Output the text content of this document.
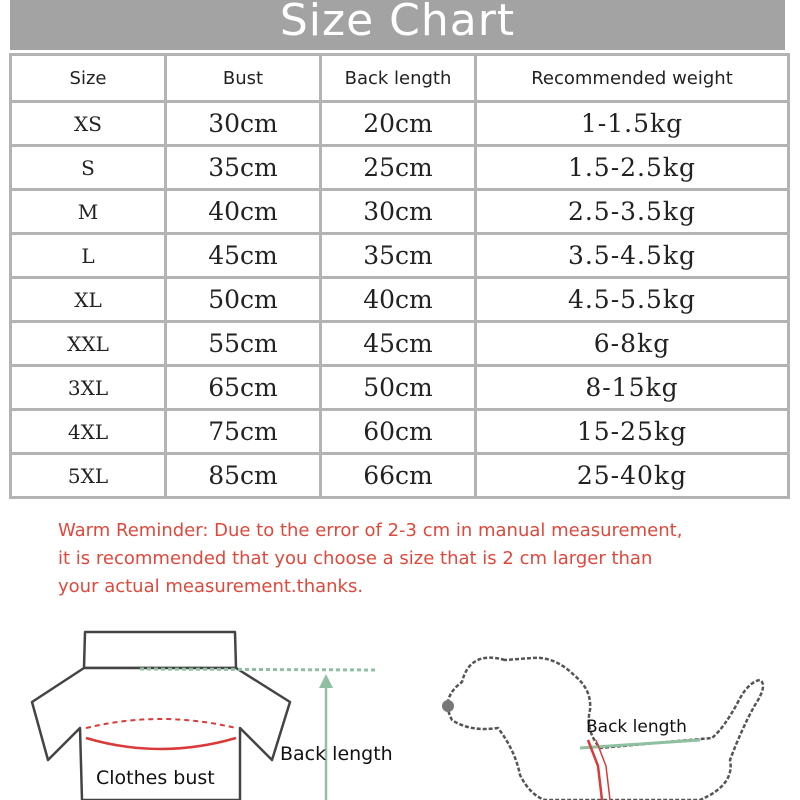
Size Chart
Size	Bust	Back length	Recommended weight
XS	30cm	20cm	1-1.5kg
S	35cm	25cm	1.5-2.5kg
M	40cm	30cm	2.5-3.5kg
L	45cm	35cm	3.5-4.5kg
XL	50cm	40cm	4.5-5.5kg
XXL	55cm	45cm	6-8kg
3XL	65cm	50cm	8-15kg
4XL	75cm	60cm	15-25kg
5XL	85cm	66cm	25-40kg
Warm Reminder: Due to the error of 2-3 cm in manual measurement,
it is recommended that you choose a size that is 2 cm larger than
your actual measurement.thanks.
Clothes bust
Back length
Back length
